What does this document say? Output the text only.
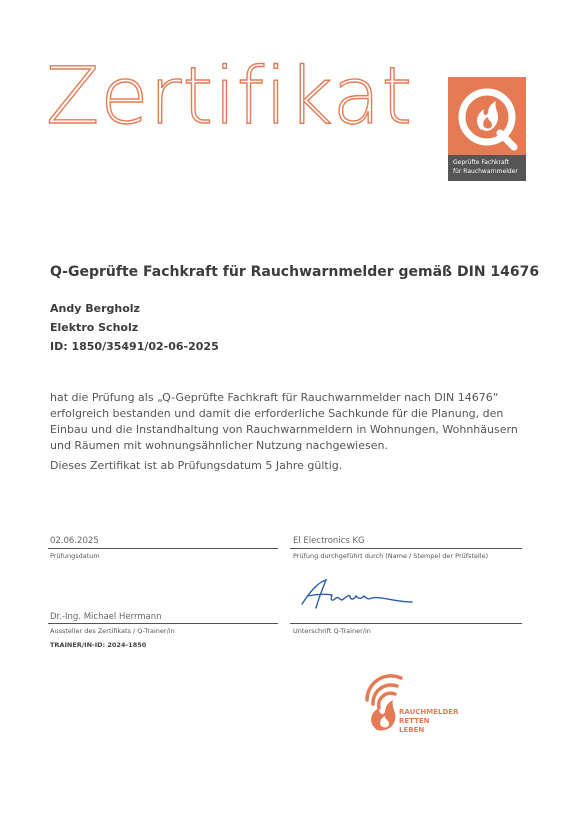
Zertifikat
Geprüfte Fachkraft
für Rauchwarnmelder
Q-Geprüfte Fachkraft für Rauchwarnmelder gemäß DIN 14676
Andy Bergholz
Elektro Scholz
ID: 1850/35491/02-06-2025
hat die Prüfung als „Q-Geprüfte Fachkraft für Rauchwarnmelder nach DIN 14676“ erfolgreich bestanden und damit die erforderliche Sachkunde für die Planung, den Einbau und die Instandhaltung von Rauchwarnmeldern in Wohnungen, Wohnhäusern und Räumen mit wohnungsähnlicher Nutzung nachgewiesen.
Dieses Zertifikat ist ab Prüfungsdatum 5 Jahre gültig.
02.06.2025
Prüfungsdatum
El Electronics KG
Prüfung durchgeführt durch (Name / Stempel der Prüfstelle)
Dr.-Ing. Michael Herrmann
Aussteller des Zertifikats / Q-Trainer/in
TRAINER/IN-ID: 2024-1850
Unterschrift Q-Trainer/in
RAUCHMELDER
RETTEN
LEBEN
